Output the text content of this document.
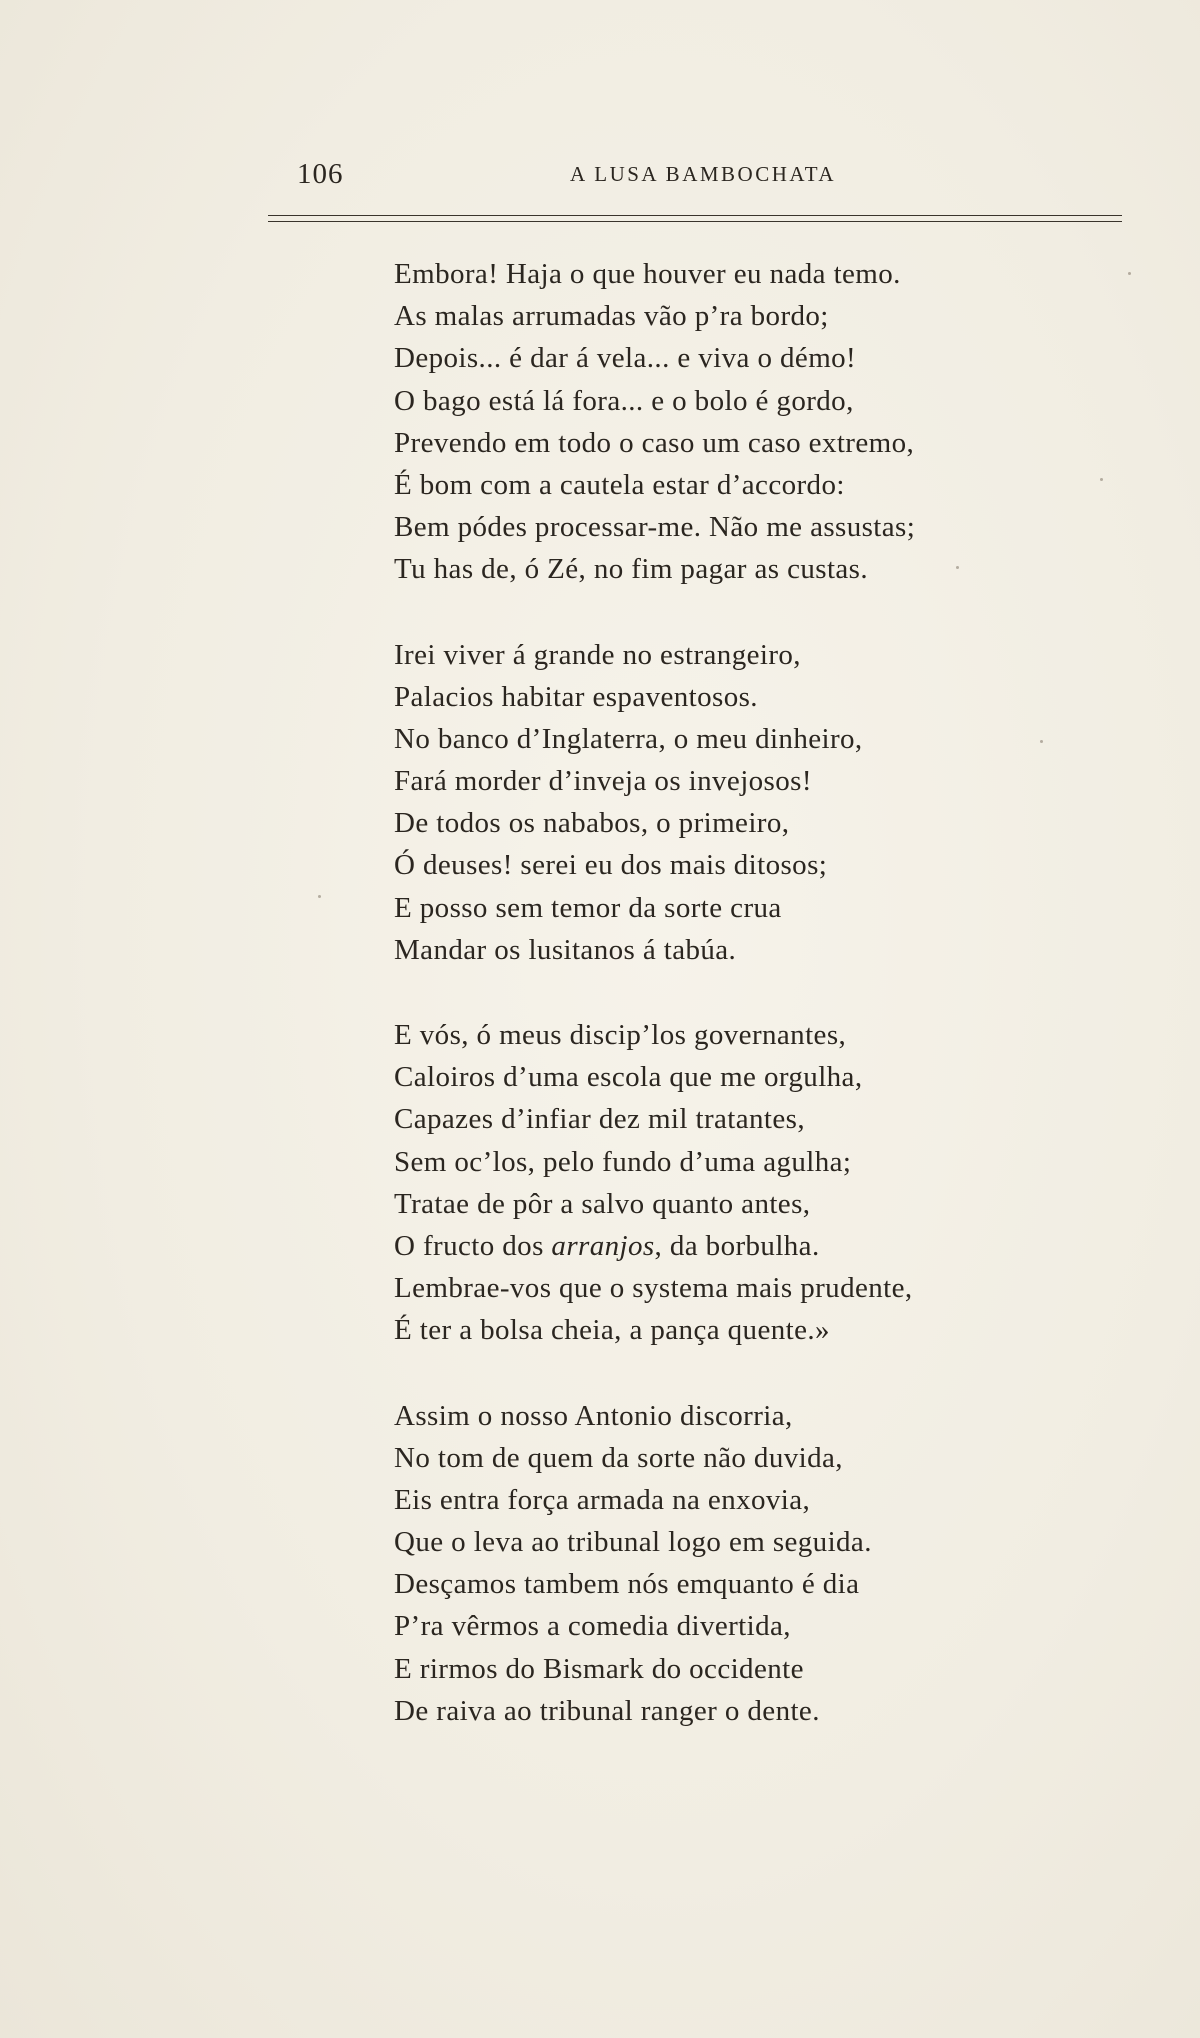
106	A LUSA BAMBOCHATA
Embora! Haja o que houver eu nada temo.
As malas arrumadas vão p’ra bordo;
Depois... é dar á vela... e viva o démo!
O bago está lá fora... e o bolo é gordo,
Prevendo em todo o caso um caso extremo,
É bom com a cautela estar d’accordo:
Bem pódes processar-me. Não me assustas;
Tu has de, ó Zé, no fim pagar as custas.
Irei viver á grande no estrangeiro,
Palacios habitar espaventosos.
No banco d’Inglaterra, o meu dinheiro,
Fará morder d’inveja os invejosos!
De todos os nababos, o primeiro,
Ó deuses! serei eu dos mais ditosos;
E posso sem temor da sorte crua
Mandar os lusitanos á tabúa.
E vós, ó meus discip’los governantes,
Caloiros d’uma escola que me orgulha,
Capazes d’infiar dez mil tratantes,
Sem oc’los, pelo fundo d’uma agulha;
Tratae de pôr a salvo quanto antes,
O fructo dos arranjos, da borbulha.
Lembrae-vos que o systema mais prudente,
É ter a bolsa cheia, a pança quente.»
Assim o nosso Antonio discorria,
No tom de quem da sorte não duvida,
Eis entra força armada na enxovia,
Que o leva ao tribunal logo em seguida.
Desçamos tambem nós emquanto é dia
P’ra vêrmos a comedia divertida,
E rirmos do Bismark do occidente
De raiva ao tribunal ranger o dente.
